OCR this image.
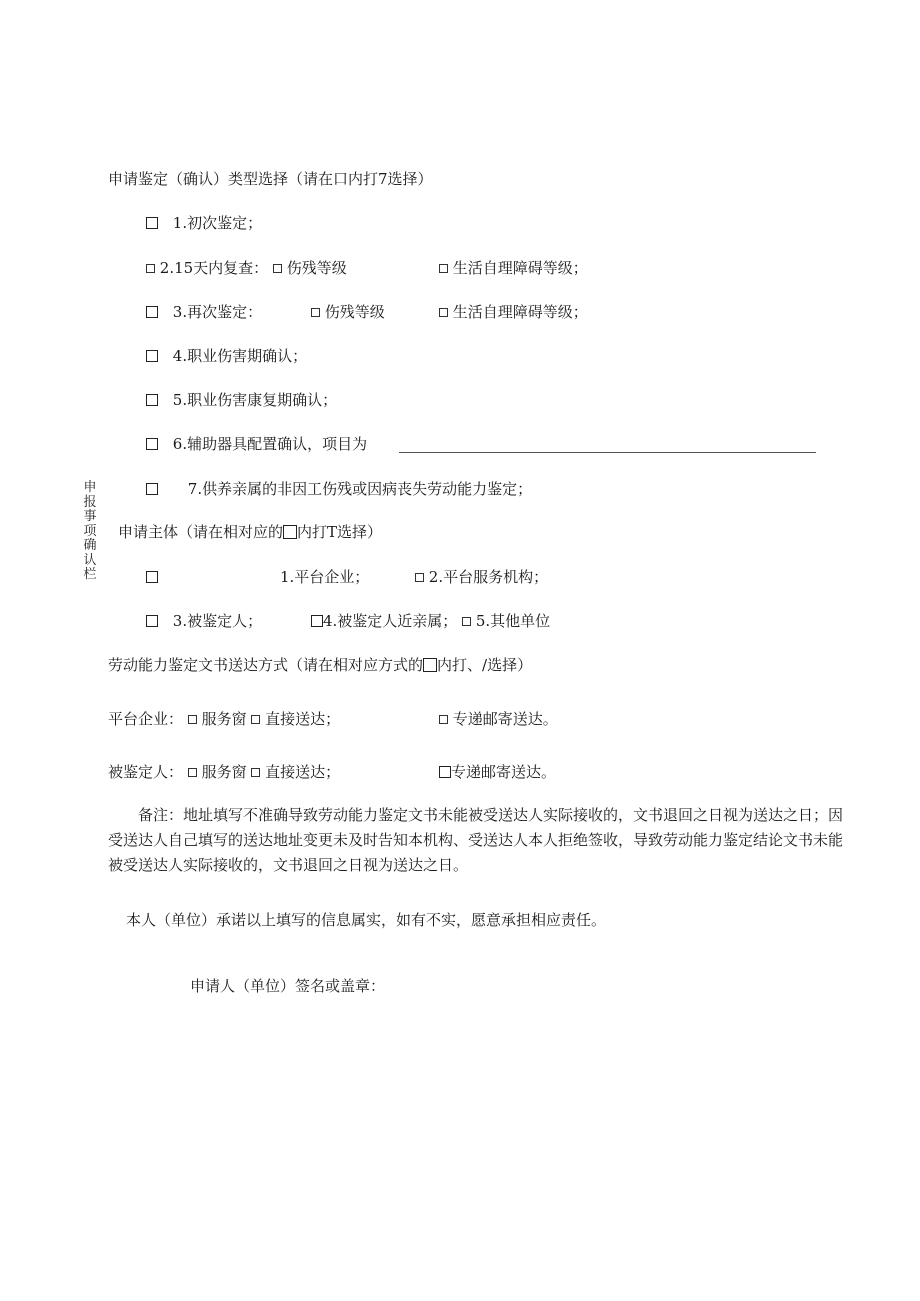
申报事项确认栏
申请鉴定（确认）类型选择（请在口内打7选择）
1.初次鉴定；
2.15天内复查： 伤残等级	生活自理障碍等级；
3.再次鉴定：	伤残等级	生活自理障碍等级；
4.职业伤害期确认；
5.职业伤害康复期确认；
6.辅助器具配置确认，项目为
7.供养亲属的非因工伤残或因病丧失劳动能力鉴定；
申请主体（请在相对应的 内打T选择）
1.平台企业；	2.平台服务机构；
3.被鉴定人；	4.被鉴定人近亲属； 5.其他单位
劳动能力鉴定文书送达方式（请在相对应方式的 内打、/选择）
平台企业： 服务窗 直接送达；	专递邮寄送达。
被鉴定人： 服务窗 直接送达；	专递邮寄送达。
备注：地址填写不准确导致劳动能力鉴定文书未能被受送达人实际接收的，文书退回之日视为送达之日；因受送达人自己填写的送达地址变更未及时告知本机构、受送达人本人拒绝签收，导致劳动能力鉴定结论文书未能被受送达人实际接收的，文书退回之日视为送达之日。
本人（单位）承诺以上填写的信息属实，如有不实，愿意承担相应责任。
申请人（单位）签名或盖章：
